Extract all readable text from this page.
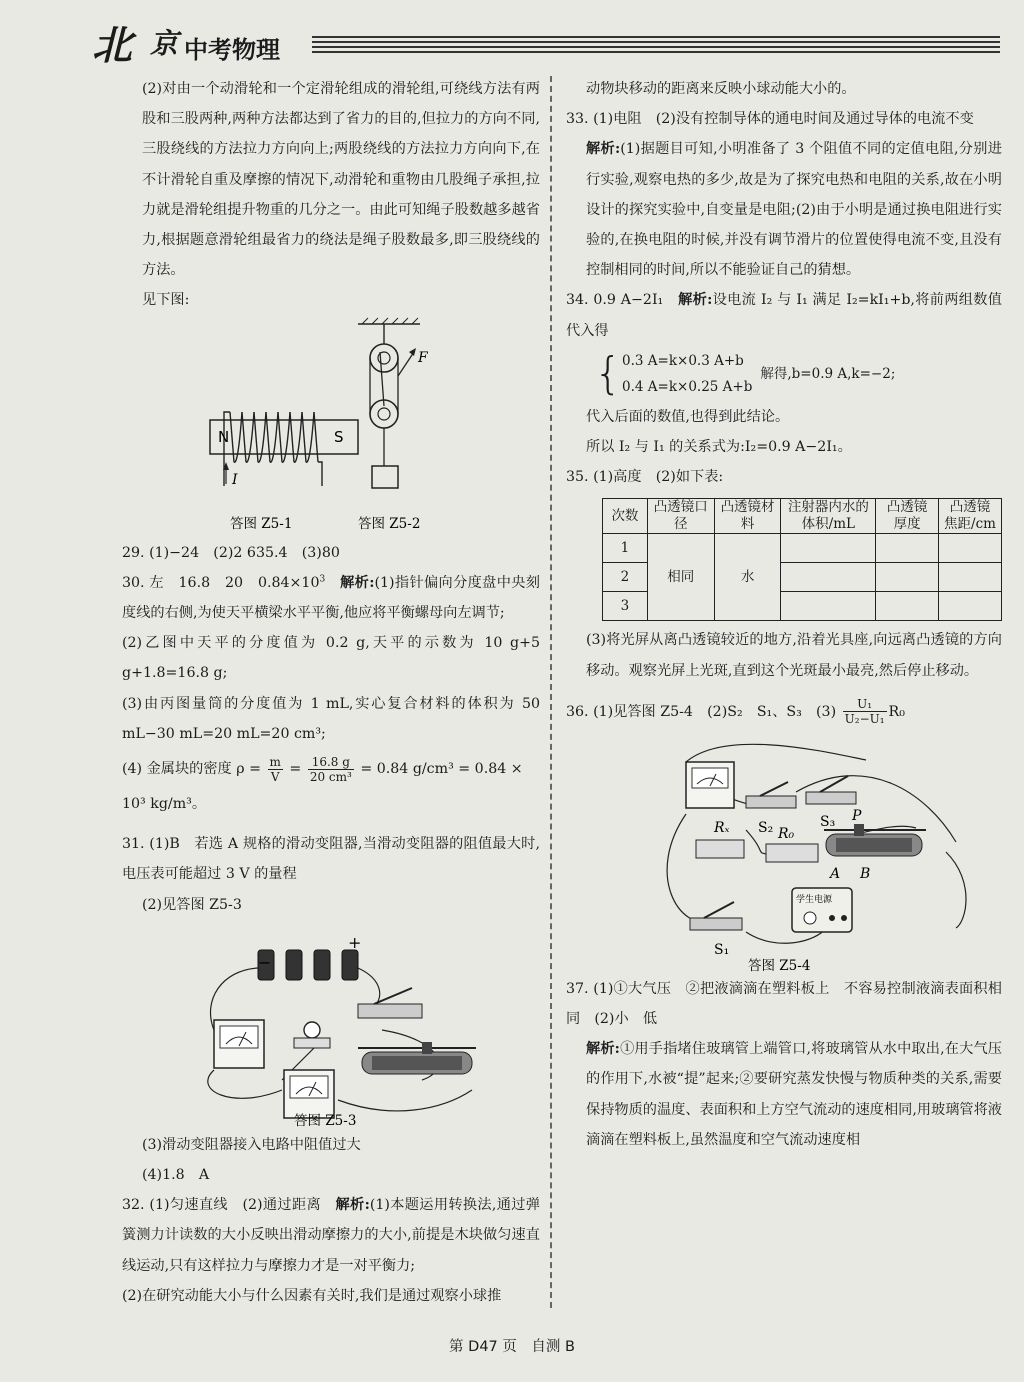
北 京 中考物理

(2)对由一个动滑轮和一个定滑轮组成的滑轮组,可绕线方法有两股和三股两种,两种方法都达到了省力的目的,但拉力的方向不同,三股绕线的方法拉力方向向上;两股绕线的方法拉力方向向下,在不计滑轮自重及摩擦的情况下,动滑轮和重物由几股绳子承担,拉力就是滑轮组提升物重的几分之一。由此可知绳子股数越多越省力,根据题意滑轮组最省力的绕法是绳子股数最多,即三股绕线的方法。

见下图:

N	S
I
答图 Z5-1
F
答图 Z5-2

29. (1)−24　(2)2 635.4　(3)80

30. 左　16.8　20　$0.84\times 10^3$　 解析:(1)指针偏向分度盘中央刻度线的右侧,为使天平横梁水平平衡,他应将平衡螺母向左调节;

(2)乙图中天平的分度值为 0.2 g,天平的示数为 10 g+5 g+1.8=16.8 g;

(3)由丙图量筒的分度值为 1 mL,实心复合材料的体积为 50 mL−30 mL=20 mL=20 cm³;

(4) 金属块的密度 $\rho = \frac{m}{V} = \frac{16.8 g}{\text{20 cm³}} = 0.84$ g/cm³ = 0.84 ×

10³ kg/m³。

31. (1)B　若选 A 规格的滑动变阻器,当滑动变阻器的阻值最大时,电压表可能超过 3 V 的量程

(2)见答图 Z5-3

−
+
答图 Z5-3

(3)滑动变阻器接入电路中阻值过大

(4)1.8　A

32. (1)匀速直线　(2)通过距离　解析:(1)本题运用转换法,通过弹簧测力计读数的大小反映出滑动摩擦力的大小,前提是木块做匀速直线运动,只有这样拉力与摩擦力才是一对平衡力;

(2)在研究动能大小与什么因素有关时,我们是通过观察小球推

动物块移动的距离来反映小球动能大小的。

33. (1)电阻　(2)没有控制导体的通电时间及通过导体的电流不变

解析:(1)据题目可知,小明准备了 3 个阻值不同的定值电阻,分别进行实验,观察电热的多少,故是为了探究电热和电阻的关系,故在小明设计的探究实验中,自变量是电阻;(2)由于小明是通过换电阻进行实验的,在换电阻的时候,并没有调节滑片的位置使得电流不变,且没有控制相同的时间,所以不能验证自己的猜想。

34. 0.9 A−2I₁　解析:设电流 I₂ 与 I₁ 满足 I₂=kI₁+b,将前两组数值代入得

{ 0.3 A=k×0.3 A+b
0.4 A=k×0.25 A+b
解得,b=0.9 A,k=−2;

代入后面的数值,也得到此结论。

所以 I₂ 与 I₁ 的关系式为:I₂=0.9 A−2I₁。

35. (1)高度　(2)如下表:

次数	凸透镜口径	凸透镜材料	注射器内水的体积/mL	凸透镜厚度	凸透镜焦距/cm
1	相同	水			
2					
3					

(3)将光屏从离凸透镜较近的地方,沿着光具座,向远离凸透镜的方向移动。观察光屏上光斑,直到这个光斑最小最亮,然后停止移动。

36. (1)见答图 Z5-4　(2)S₂　S₁、S₃　$(3) \frac{\text{U₁}}{\text{U₂−U₁}} R_0$

S₂	S₃
Rₓ	R₀
P
A B
S₁
学生电源
答图 Z5-4

37. (1)①大气压　②把液滴滴在塑料板上　不容易控制液滴表面积相同　(2)小　低

解析:①用手指堵住玻璃管上端管口,将玻璃管从水中取出,在大气压的作用下,水被“提”起来;②要研究蒸发快慢与物质种类的关系,需要保持物质的温度、表面积和上方空气流动的速度相同,用玻璃管将液滴滴在塑料板上,虽然温度和空气流动速度相

第 D47 页　自测 B
